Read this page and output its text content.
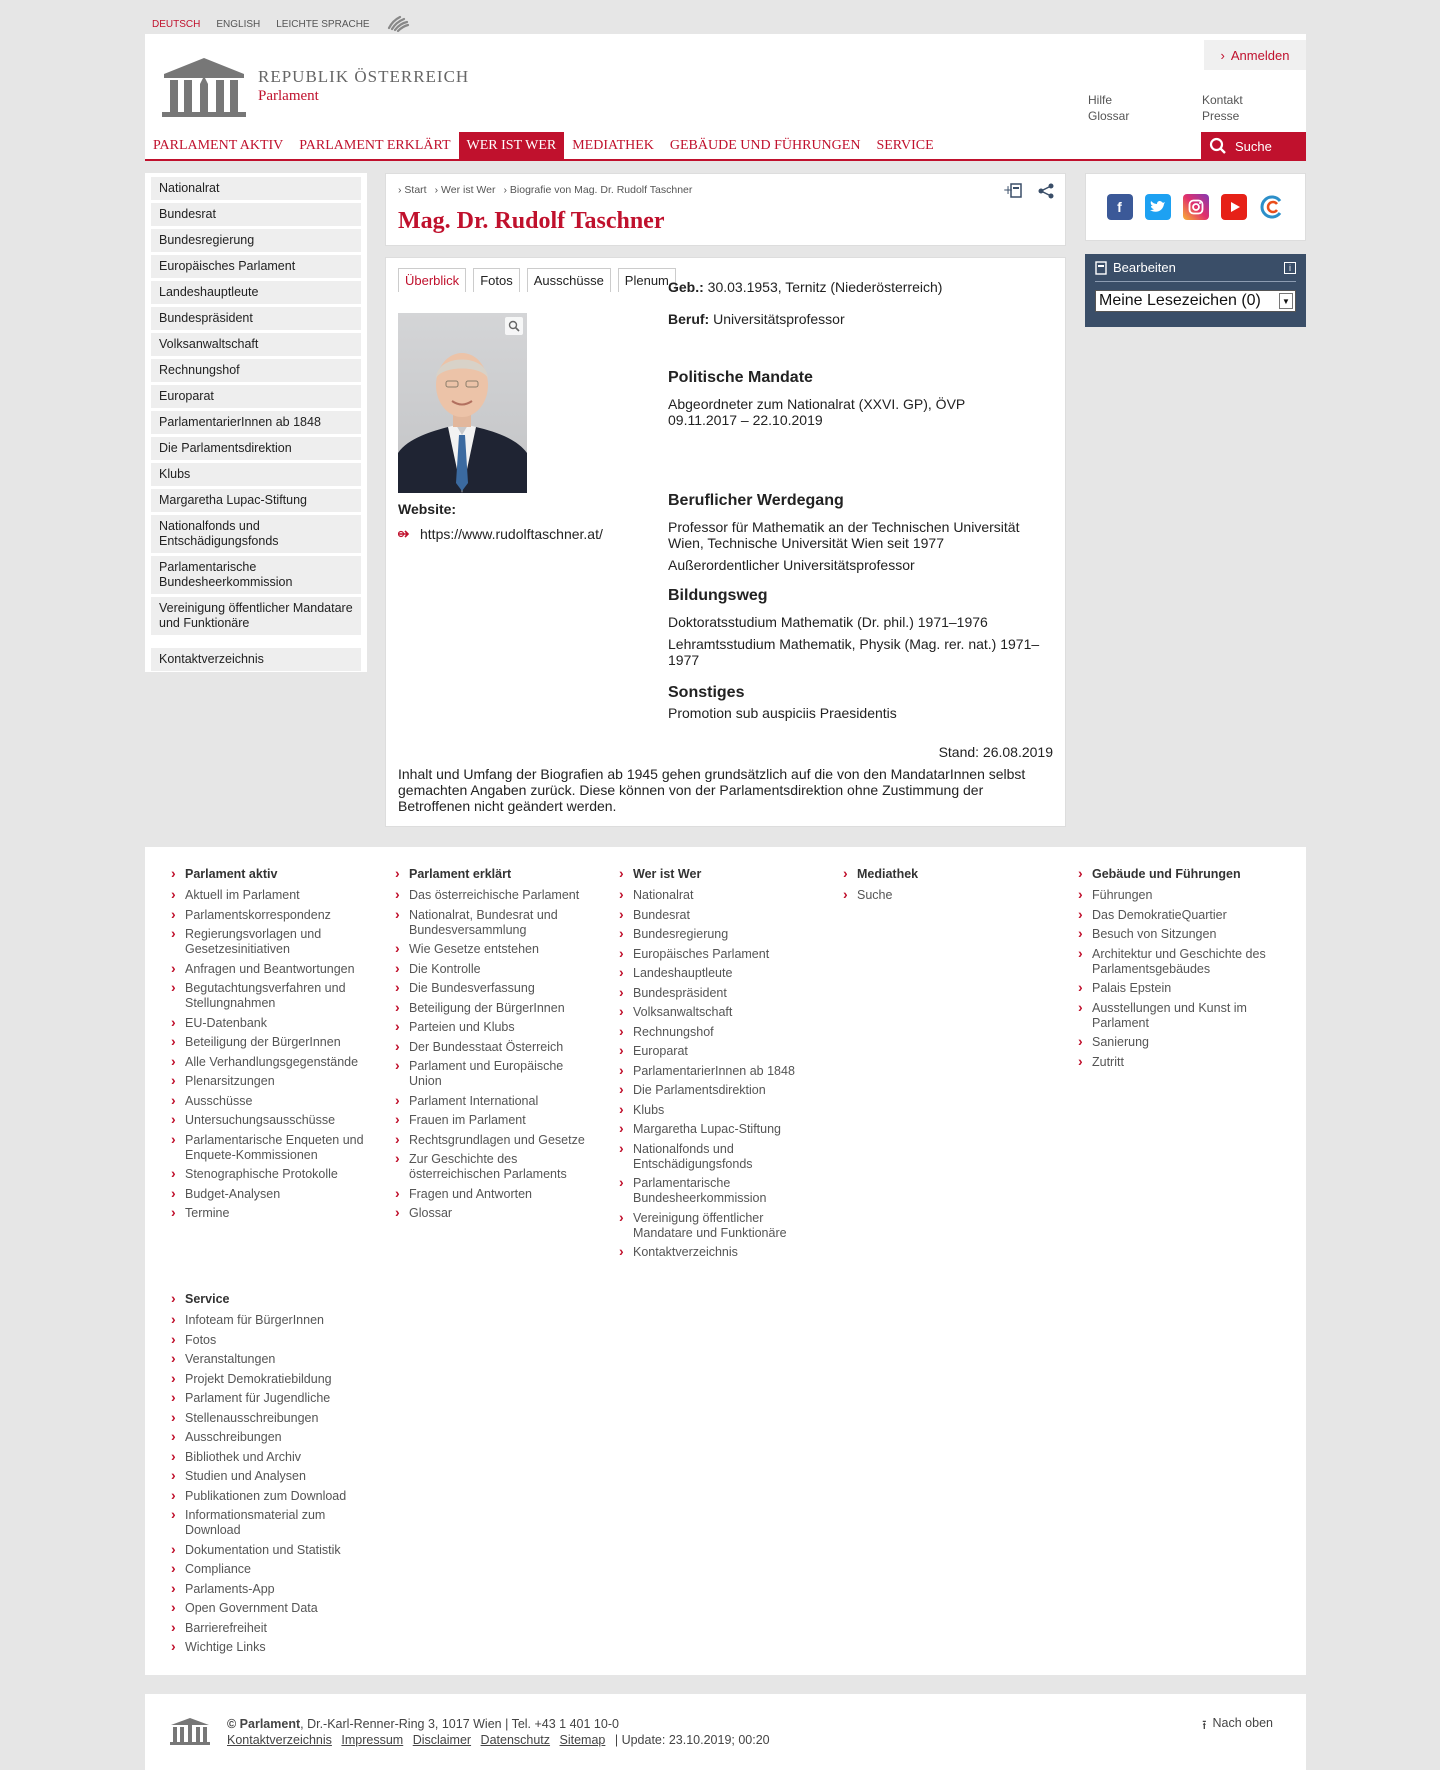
DEUTSCH ENGLISH LEICHTE SPRACHE
REPUBLIK ÖSTERREICH
Parlament
› Anmelden
Hilfe
Glossar
Kontakt
Presse
PARLAMENT AKTIV	PARLAMENT ERKLÄRT	WER IST WER	MEDIATHEK	GEBÄUDE UND FÜHRUNGEN	SERVICE	Suche
Nationalrat
Bundesrat
Bundesregierung
Europäisches Parlament
Landeshauptleute
Bundespräsident
Volksanwaltschaft
Rechnungshof
Europarat
ParlamentarierInnen ab 1848
Die Parlamentsdirektion
Klubs
Margaretha Lupac-Stiftung
Nationalfonds und Entschädigungsfonds
Parlamentarische Bundesheerkommission
Vereinigung öffentlicher Mandatare und Funktionäre
Kontaktverzeichnis
› Start › Wer ist Wer › Biografie von Mag. Dr. Rudolf Taschner
Mag. Dr. Rudolf Taschner
+
Überblick	Fotos	Ausschüsse	Plenum
Website:
https://www.rudolftaschner.at/
Geb.: 30.03.1953, Ternitz (Niederösterreich)
Beruf: Universitätsprofessor
Politische Mandate
Abgeordneter zum Nationalrat (XXVI. GP), ÖVP
09.11.2017 – 22.10.2019
Beruflicher Werdegang

Professor für Mathematik an der Technischen Universität Wien, Technische Universität Wien seit 1977

Außerordentlicher Universitätsprofessor

Bildungsweg

Doktoratsstudium Mathematik (Dr. phil.) 1971–1976

Lehramtsstudium Mathematik, Physik (Mag. rer. nat.) 1971–1977

Sonstiges

Promotion sub auspiciis Praesidentis

Stand: 26.08.2019
Inhalt und Umfang der Biografien ab 1945 gehen grundsätzlich auf die von den MandatarInnen selbst gemachten Angaben zurück. Diese können von der Parlamentsdirektion ohne Zustimmung der Betroffenen nicht geändert werden.
f
Bearbeiten	i
Meine Lesezeichen (0)	▼
› Parlament aktiv
› Aktuell im Parlament
› Parlamentskorrespondenz
› Regierungsvorlagen und Gesetzesinitiativen
› Anfragen und Beantwortungen
› Begutachtungsverfahren und Stellungnahmen
› EU-Datenbank
› Beteiligung der BürgerInnen
› Alle Verhandlungsgegenstände
› Plenarsitzungen
› Ausschüsse
› Untersuchungsausschüsse
› Parlamentarische Enqueten und Enquete-Kommissionen
› Stenographische Protokolle
› Budget-Analysen
› Termine
› Service
› Infoteam für BürgerInnen
› Fotos
› Veranstaltungen
› Projekt Demokratiebildung
› Parlament für Jugendliche
› Stellenausschreibungen
› Ausschreibungen
› Bibliothek und Archiv
› Studien und Analysen
› Publikationen zum Download
› Informationsmaterial zum Download
› Dokumentation und Statistik
› Compliance
› Parlaments-App
› Open Government Data
› Barrierefreiheit
› Wichtige Links
› Parlament erklärt
› Das österreichische Parlament
› Nationalrat, Bundesrat und Bundesversammlung
› Wie Gesetze entstehen
› Die Kontrolle
› Die Bundesverfassung
› Beteiligung der BürgerInnen
› Parteien und Klubs
› Der Bundesstaat Österreich
› Parlament und Europäische Union
› Parlament International
› Frauen im Parlament
› Rechtsgrundlagen und Gesetze
› Zur Geschichte des österreichischen Parlaments
› Fragen und Antworten
› Glossar
› Wer ist Wer
› Nationalrat
› Bundesrat
› Bundesregierung
› Europäisches Parlament
› Landeshauptleute
› Bundespräsident
› Volksanwaltschaft
› Rechnungshof
› Europarat
› ParlamentarierInnen ab 1848
› Die Parlamentsdirektion
› Klubs
› Margaretha Lupac-Stiftung
› Nationalfonds und Entschädigungsfonds
› Parlamentarische Bundesheerkommission
› Vereinigung öffentlicher Mandatare und Funktionäre
› Kontaktverzeichnis
› Mediathek
› Suche
› Gebäude und Führungen
› Führungen
› Das DemokratieQuartier
› Besuch von Sitzungen
› Architektur und Geschichte des Parlamentsgebäudes
› Palais Epstein
› Ausstellungen und Kunst im Parlament
› Sanierung
› Zutritt
© Parlament, Dr.-Karl-Renner-Ring 3, 1017 Wien | Tel. +43 1 401 10-0
Kontaktverzeichnis Impressum Disclaimer Datenschutz Sitemap | Update: 23.10.2019; 00:20
⭱ Nach oben
